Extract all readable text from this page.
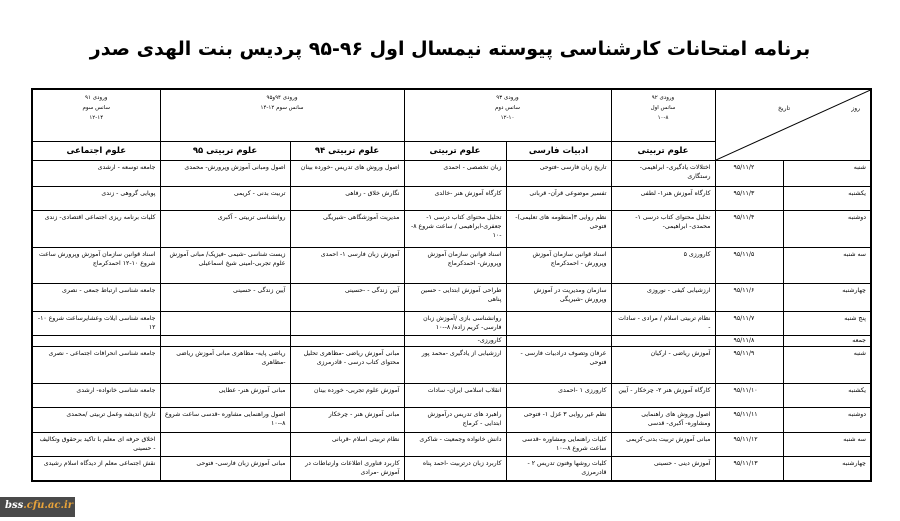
برنامه امتحانات کارشناسی پیوسته نیمسال اول ۹۶-۹۵ پردیس بنت الهدی صدر
روز
تاریخ

ورودی ۹۲
سانس اول
۱۰-۸

ورودی ۹۳
سانس دوم
۱۲-۱۰

ورودی ۹۴و۹۵
سانس سوم ۱۲-۱۴

ورودی ۹۱
سانس سوم
۱۲-۱۴

		علوم تربیتی	ادبیات فارسی	علوم تربیتی	علوم تربیتی ۹۴	علوم تربیتی ۹۵	علوم اجتماعی
شنبه	۹۵/۱۱/۲	اختلالات یادگیری- ابراهیمی- رستگاری	تاریخ زبان فارسی -فتوحی	زبان تخصصی - احمدی	اصول وروش های تدریس -خورده بینان	اصول ومبانی آموزش وپرورش- محمدی	جامعه توسعه - ارشدی
یکشنبه	۹۵/۱۱/۳	کارگاه آموزش هنر۱- لطفی	تفسیر موضوعی قرآن- قربانی	کارگاه آموزش هنر -خالدی	نگارش خلاق - رفاهی	تربیت بدنی - کریمی	پویایی گروهی - زندی
دوشنبه	۹۵/۱۱/۴	تحلیل محتوای کتاب درسی ۱- محمدی- ابراهیمی-	نظم روایی ۳(منظومه های تعلیمی)- فتوحی	تحلیل محتوای کتاب درسی ۱- جعفری-ابراهیمی / ساعت شروع ۸--۱۰	مدیریت آموزشگاهی -شیریگی	روانشناسی تربیتی - آکبری	کلیات برنامه ریزی اجتماعی اقتصادی- زندی
سه شنبه	۹۵/۱۱/۵	کارورزی ۵	اسناد قوانین سازمان آموزش وپرورش - احمدکرماج	اسناد قوانین سازمان آموزش وپرورش- احمدکرماج	آموزش زبان فارسی ۱- احمدی	زیست شناسی -شیمی -فیزیک/ مبانی آموزش علوم تجربی-امینی شیخ اسماعیلی	اسناد قوانین سازمان آموزش وپرورش ساعت شروع ۱۰-۱۲ احمدکرماج
چهارشنبه	۹۵/۱۱/۶	ارزشیابی کیفی - نوروزی	سازمان ومدیریت در آموزش وپرورش -شیریگی	طراحی آموزش ابتدایی - حسین پناهی	آیین زندگی - -حسینی	آیین زندگی - حسینی	جامعه شناسی ارتباط جمعی - نصری
پنج شنبه	۹۵/۱۱/۷	نظام تربیتی اسلام / مرادی - سادات -		روانشناسی بازی /آموزش زبان فارسی- کریم زاده/ ۸--۱۰			جامعه شناسی ایلات وعشایرساعت شروع ۱۰- ۱۲
جمعه	۹۵/۱۱/۸			کارورزی-			
شنبه	۹۵/۱۱/۹	آموزش ریاضی - ارکیان	عرفان وتصوف درادبیات فارسی - فتوحی	ارزشیابی از یادگیری -محمد پور	مبانی آموزش ریاضی -مظاهری تحلیل محتوای کتاب درسی - قادرمرزی	ریاضی پایه- مظاهری مبانی آموزش ریاضی -مظاهری	جامعه شناسی انحرافات اجتماعی - نصری
یکشنبه	۹۵/۱۱/۱۰	کارگاه آموزش هنر ۲- چرخکار - آیین	کارورزی ۱ -احمدی	انقلاب اسلامی ایران- سادات	آموزش علوم تجربی- خورده بینان	مبانی آموزش هنر- عطایی	جامعه شناسی خانواده- ارشدی
دوشنبه	۹۵/۱۱/۱۱	اصول وروش های راهنمایی ومشاوره- آکبری- قدسی	نظم غیر روایی ۳ غزل ۱- فتوحی	راهبرد های تدریس درآموزش ابتدایی - کرماج	مبانی آموزش هنر - چرخکار	اصول وراهنمایی مشاوره -قدسی ساعت شروع ۸--۱۰	تاریخ اندیشه وعمل تربیتی /محمدی
سه شنبه	۹۵/۱۱/۱۲	مبانی آموزش تربیت بدنی-کریمی	کلیات راهنمایی ومشاوره -قدسی ساعت شروع ۸--۱۰	دانش خانواده وجمعیت - شاکری	نظام تربیتی اسلام -قربانی		اخلاق حرفه ای معلم با تاکید برحقوق وتکالیف - حسینی
چهارشنبه	۹۵/۱۱/۱۳	آموزش دینی - حسینی	کلیات روشها وفنون تدریس ۲ - قادرمرزی	کاربرد زبان درتربیت -احمد پناه	کاربرد فناوری اطلاعات وارتباطات در آموزش -مرادی	مبانی آموزش زبان فارسی- فتوحی	نقش اجتماعی معلم از دیدگاه اسلام رشیدی
bss.cfu.ac.ir
